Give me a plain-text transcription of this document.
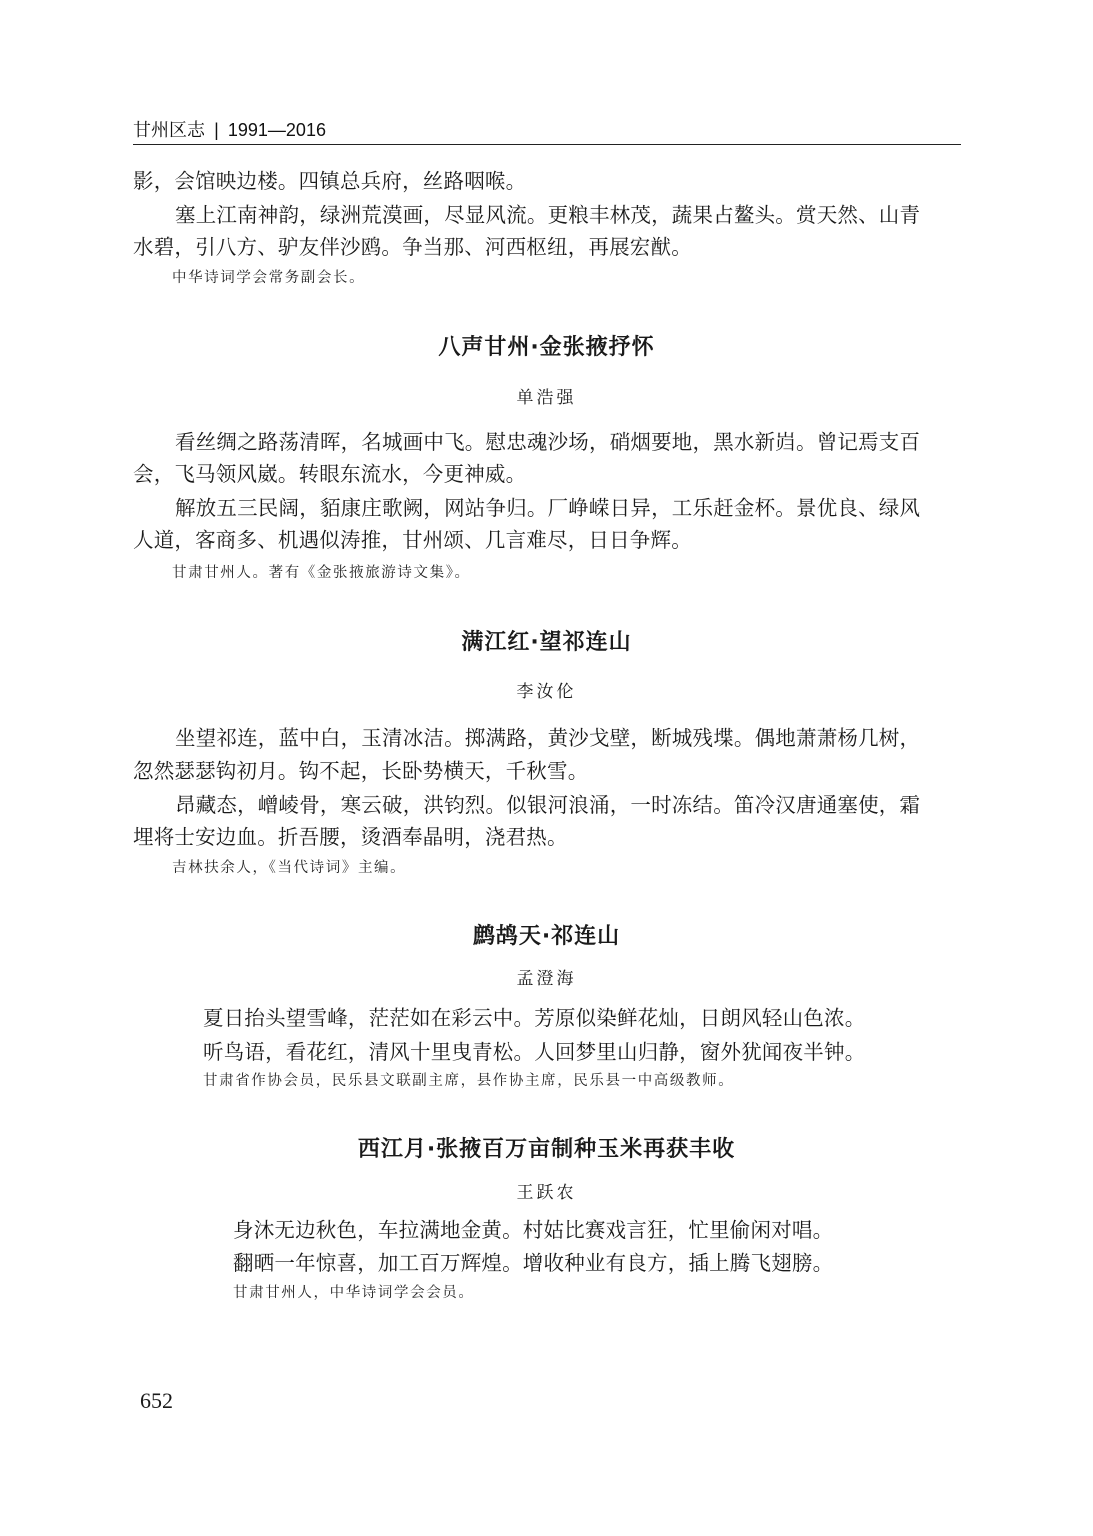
甘州区志 | 1991—2016
影，会馆映边楼。四镇总兵府，丝路咽喉。
塞上江南神韵，绿洲荒漠画，尽显风流。更粮丰林茂，蔬果占鳌头。赏天然、山青
水碧，引八方、驴友伴沙鸥。争当那、河西枢纽，再展宏猷。
中华诗词学会常务副会长。
八声甘州·金张掖抒怀
单浩强
看丝绸之路荡清晖，名城画中飞。慰忠魂沙场，硝烟要地，黑水新岿。曾记焉支百
会，飞马领风崴。转眼东流水，今更神威。
解放五三民阔，貊康庄歌阙，网站争归。厂峥嵘日异，工乐赶金杯。景优良、绿风
人道，客商多、机遇似涛推，甘州颂、几言难尽，日日争辉。
甘肃甘州人。著有《金张掖旅游诗文集》。
满江红·望祁连山
李汝伦
坐望祁连，蓝中白，玉清冰洁。掷满路，黄沙戈壁，断城残堞。偶地萧萧杨几树，
忽然瑟瑟钩初月。钩不起，长卧势横天，千秋雪。
昂藏态，嶒崚骨，寒云破，洪钧烈。似银河浪涌，一时冻结。笛冷汉唐通塞使，霜
埋将士安边血。折吾腰，烫酒奉晶明，浇君热。
吉林扶余人，《当代诗词》主编。
鹧鸪天·祁连山
孟澄海
夏日抬头望雪峰，茫茫如在彩云中。芳原似染鲜花灿，日朗风轻山色浓。
听鸟语，看花红，清风十里曳青松。人回梦里山归静，窗外犹闻夜半钟。
甘肃省作协会员，民乐县文联副主席，县作协主席，民乐县一中高级教师。
西江月·张掖百万亩制种玉米再获丰收
王跃农
身沐无边秋色，车拉满地金黄。村姑比赛戏言狂，忙里偷闲对唱。
翻晒一年惊喜，加工百万辉煌。增收种业有良方，插上腾飞翅膀。
甘肃甘州人，中华诗词学会会员。
652
